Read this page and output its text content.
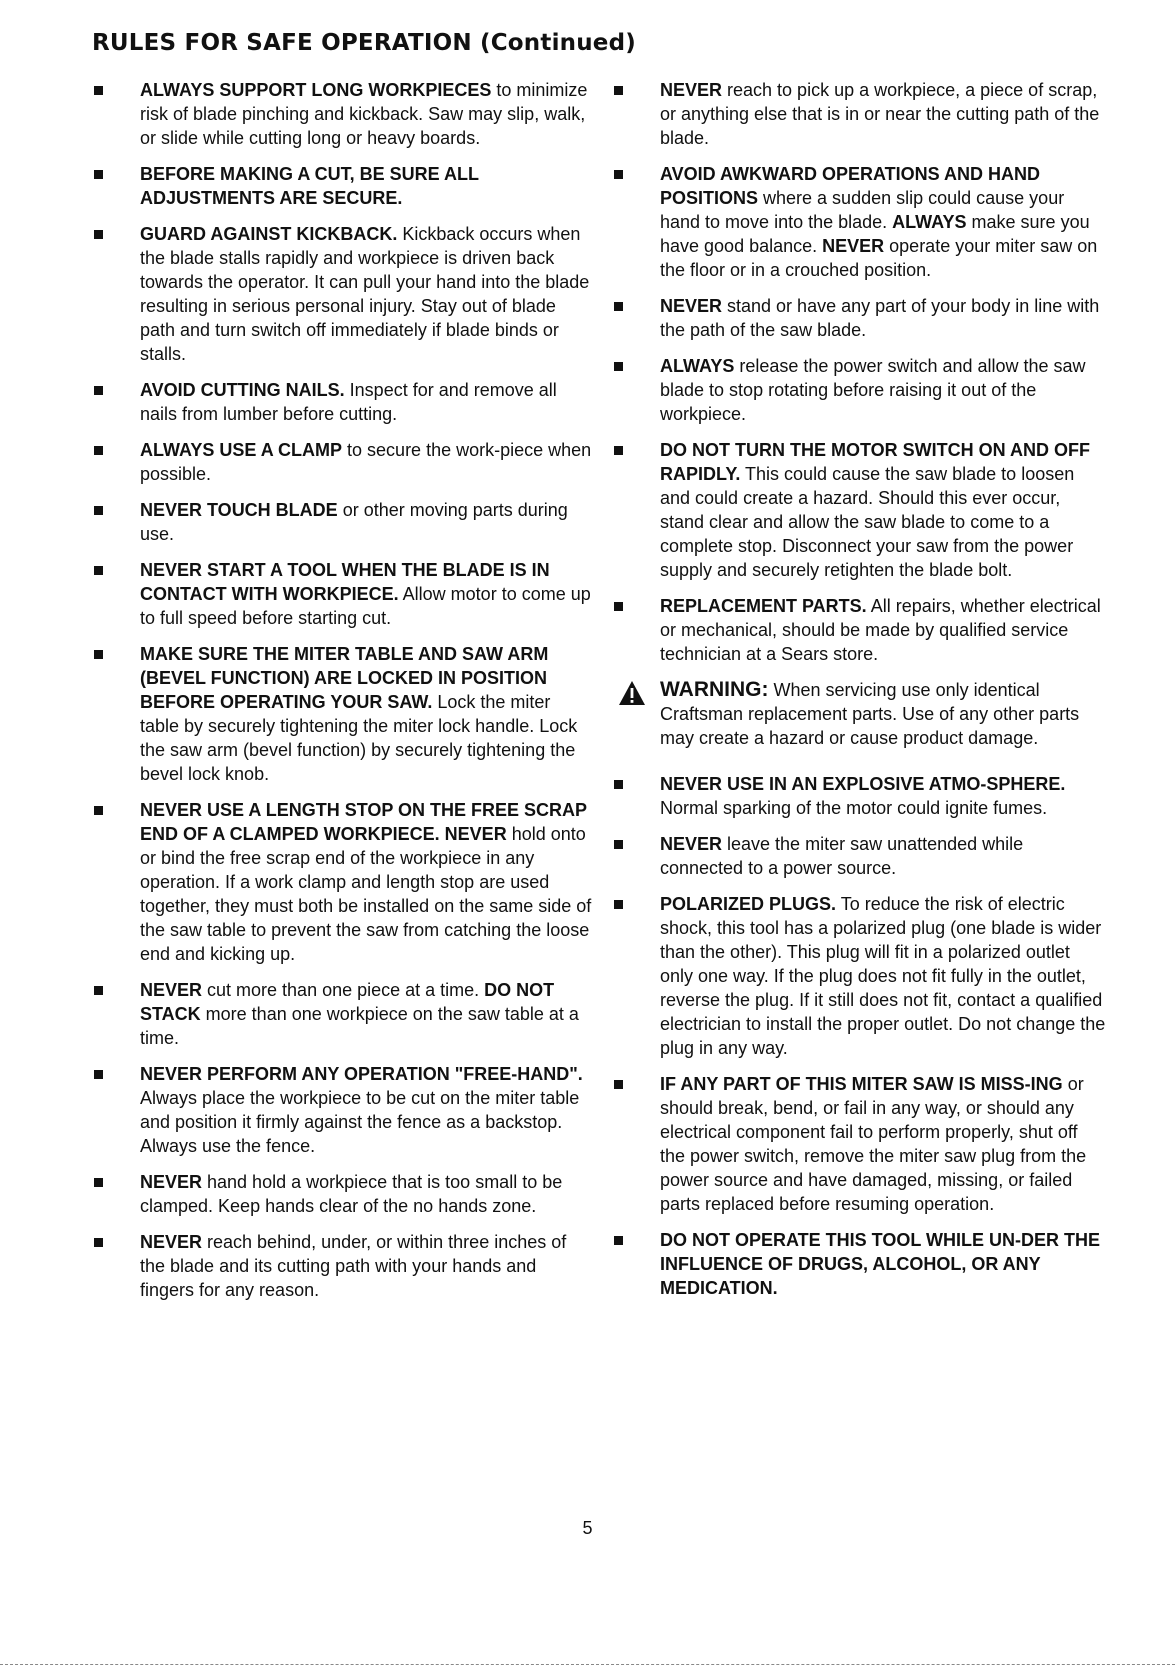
RULES FOR SAFE OPERATION (Continued)

ALWAYS SUPPORT LONG WORKPIECES to minimize risk of blade pinching and kickback. Saw may slip, walk, or slide while cutting long or heavy boards.

BEFORE MAKING A CUT, BE SURE ALL ADJUSTMENTS ARE SECURE.

GUARD AGAINST KICKBACK. Kickback occurs when the blade stalls rapidly and workpiece is driven back towards the operator. It can pull your hand into the blade resulting in serious personal injury. Stay out of blade path and turn switch off immediately if blade binds or stalls.

AVOID CUTTING NAILS. Inspect for and remove all nails from lumber before cutting.

ALWAYS USE A CLAMP to secure the work-piece when possible.

NEVER TOUCH BLADE or other moving parts during use.

NEVER START A TOOL WHEN THE BLADE IS IN CONTACT WITH WORKPIECE. Allow motor to come up to full speed before starting cut.

MAKE SURE THE MITER TABLE AND SAW ARM (BEVEL FUNCTION) ARE LOCKED IN POSITION BEFORE OPERATING YOUR SAW. Lock the miter table by securely tightening the miter lock handle. Lock the saw arm (bevel function) by securely tightening the bevel lock knob.

NEVER USE A LENGTH STOP ON THE FREE SCRAP END OF A CLAMPED WORKPIECE. NEVER hold onto or bind the free scrap end of the workpiece in any operation. If a work clamp and length stop are used together, they must both be installed on the same side of the saw table to prevent the saw from catching the loose end and kicking up.

NEVER cut more than one piece at a time. DO NOT STACK more than one workpiece on the saw table at a time.

NEVER PERFORM ANY OPERATION "FREE-HAND". Always place the workpiece to be cut on the miter table and position it firmly against the fence as a backstop. Always use the fence.

NEVER hand hold a workpiece that is too small to be clamped. Keep hands clear of the no hands zone.

NEVER reach behind, under, or within three inches of the blade and its cutting path with your hands and fingers for any reason.

NEVER reach to pick up a workpiece, a piece of scrap, or anything else that is in or near the cutting path of the blade.

AVOID AWKWARD OPERATIONS AND HAND POSITIONS where a sudden slip could cause your hand to move into the blade. ALWAYS make sure you have good balance. NEVER operate your miter saw on the floor or in a crouched position.

NEVER stand or have any part of your body in line with the path of the saw blade.

ALWAYS release the power switch and allow the saw blade to stop rotating before raising it out of the workpiece.

DO NOT TURN THE MOTOR SWITCH ON AND OFF RAPIDLY. This could cause the saw blade to loosen and could create a hazard. Should this ever occur, stand clear and allow the saw blade to come to a complete stop. Disconnect your saw from the power supply and securely retighten the blade bolt.

REPLACEMENT PARTS. All repairs, whether electrical or mechanical, should be made by qualified service technician at a Sears store.

WARNING: When servicing use only identical Craftsman replacement parts. Use of any other parts may create a hazard or cause product damage.

NEVER USE IN AN EXPLOSIVE ATMO-SPHERE. Normal sparking of the motor could ignite fumes.

NEVER leave the miter saw unattended while connected to a power source.

POLARIZED PLUGS. To reduce the risk of electric shock, this tool has a polarized plug (one blade is wider than the other). This plug will fit in a polarized outlet only one way. If the plug does not fit fully in the outlet, reverse the plug. If it still does not fit, contact a qualified electrician to install the proper outlet. Do not change the plug in any way.

IF ANY PART OF THIS MITER SAW IS MISS-ING or should break, bend, or fail in any way, or should any electrical component fail to perform properly, shut off the power switch, remove the miter saw plug from the power source and have damaged, missing, or failed parts replaced before resuming operation.

DO NOT OPERATE THIS TOOL WHILE UN-DER THE INFLUENCE OF DRUGS, ALCOHOL, OR ANY MEDICATION.

5
